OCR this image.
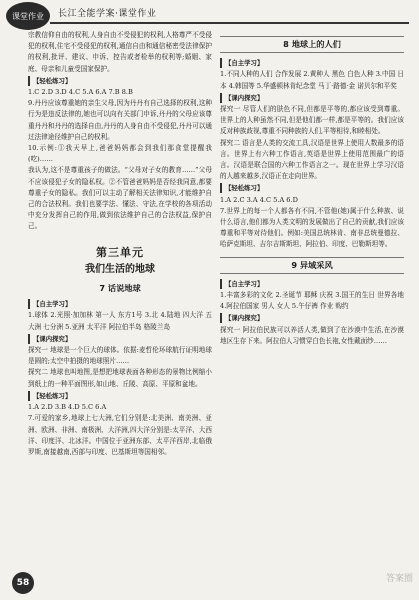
课堂作业 长江全能学案·课堂作业

宗教信仰自由的权利,人身自由不受侵犯的权利,人格尊严不受侵犯的权利,住宅不受侵犯的权利,通信自由和通信秘密受法律保护的权利,批评、建议、申诉、控告或者检举的权利等;婚姻、家庭、母亲和儿童受国家保护。

【轻松练习】

1.C 2.D 3.D 4.C 5.A 6.A 7.B 8.B

9.丹丹应该尊重她的亲生父母,因为丹丹有自己选择的权利,这种行为是违反法律的,她也可以向有关部门申诉,丹丹的父母应该尊重丹丹和丹丹的选择自由,丹丹的人身自由不受侵犯,丹丹可以通过法律途径维护自己的权利。

10.示例:①我天早上,爸爸妈妈都会到我们那食堂提醒我(吃)……

我认为,这不是尊重孩子的做法。“父母对子女的教育……”父母不应该侵犯子女的隐私权。②不管爸爸妈妈是否经我同意,都要尊重子女的隐私。我们可以主动了解相关法律知识,才能维护自己的合法权利。我们也要学法、懂法、守法,在学校的各项活动中充分发挥自己的作用,做到依法维护自己的合法权益,保护自己。

第三单元
我们生活的地球
7 话说地球
【自主学习】

1.球体 2.光照·加加林 第一人 东方1号 3.北 4.陆地 四大洋 五大洲 七分洲 5.亚洲 太平洋 阿拉伯半岛 格陵兰岛

【课内探究】

探究一 地球是一个巨大的球体。依据:麦哲伦环球航行证明地球是圆的;太空中拍摄的地球照片……

探究二 地球也叫地图,是想把地球表面各种形态的景物比例缩小到纸上的一种平面图形,如山地、丘陵、高原、平原和盆地。

【轻松练习】

1.A 2.D 3.B 4.D 5.C 6.A

7.可爱的家乡,地球上七大洲,它们分别是:北美洲、南美洲、亚洲、欧洲、非洲、南极洲、大洋洲,四大洋分别是:太平洋、大西洋、印度洋、北冰洋。中国位于亚洲东部、太平洋西岸,北临俄罗斯,南接越南,西部与印度、巴基斯坦等国相邻。

8 地球上的人们
【自主学习】

1.不同人种的人们 合作发展 2.黄种人 黑色 白色人种 3.中国 日本 4.韩国等 5.华盛顿林肯纪念堂 马丁·路德·金 诺贝尔和平奖

【课内探究】

探究一 尽管人们的肤色不同,但都是平等的,都应该受到尊重。世界上的人种虽然不同,但是他们都一样,都是平等的。我们应该反对种族歧视,尊重不同种族的人们,平等相待,和睦相处。

探究二 语言是人类的交流工具,汉语是世界上使用人数最多的语言。世界上有六种工作语言,英语是世界上使用范围最广的语言。汉语是联合国的六种工作语言之一。现在世界上学习汉语的人越来越多,汉语正在走向世界。

【轻松练习】

1.A 2.C 3.A 4.C 5.A 6.D

7.世界上的每一个人都各有不同,不管他(她)属于什么种族、说什么语言,他们都为人类文明的发展做出了自己的贡献,我们应该尊重和平等对待他们。例如:美国总统林肯、南非总统曼德拉、哈萨克斯坦、吉尔吉斯斯坦、阿拉伯、印度、巴勒斯坦等。

9 异域采风
【自主学习】

1.丰富多彩的文化 2.圣诞节 耶稣 庆祝 3.国王的生日 世界各地 4.阿拉伯国家 男人 女人 5.午仔裤 作业 购约

【课内探究】

探究一 阿拉伯民族可以养活人类,做到了在沙漠中生活,在沙漠地区生存下来。阿拉伯人习惯穿白色长袍,女性戴面纱……

58	答案圈
